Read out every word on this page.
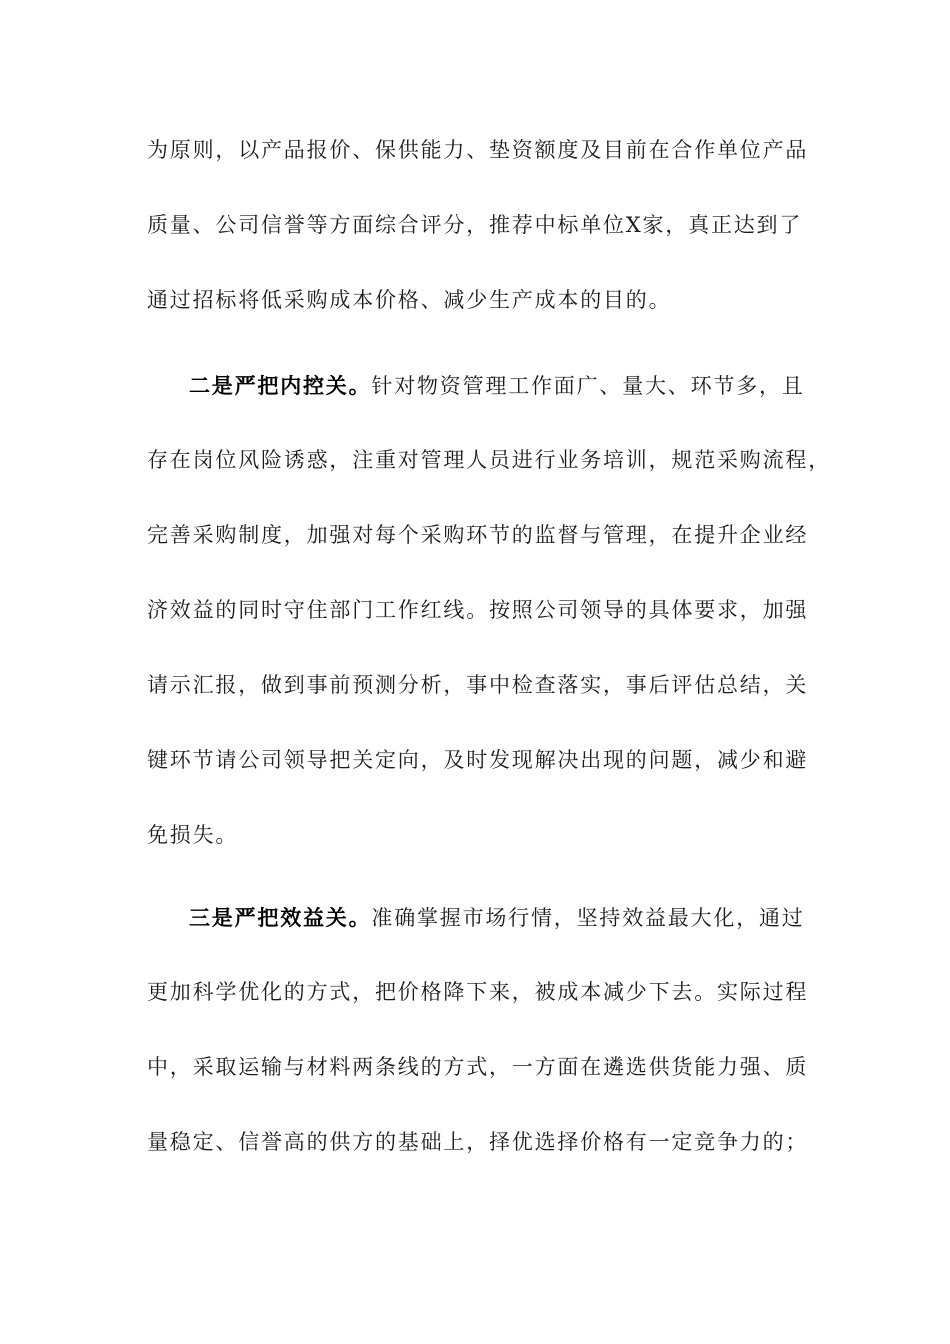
为原则，以产品报价、保供能力、垫资额度及目前在合作单位产品
质量、公司信誉等方面综合评分，推荐中标单位X家，真正达到了
通过招标将低采购成本价格、减少生产成本的目的。
二是严把内控关。针对物资管理工作面广、量大、环节多，且
存在岗位风险诱惑，注重对管理人员进行业务培训，规范采购流程，
完善采购制度，加强对每个采购环节的监督与管理，在提升企业经
济效益的同时守住部门工作红线。按照公司领导的具体要求，加强
请示汇报，做到事前预测分析，事中检查落实，事后评估总结，关
键环节请公司领导把关定向，及时发现解决出现的问题，减少和避
免损失。
三是严把效益关。准确掌握市场行情，坚持效益最大化，通过
更加科学优化的方式，把价格降下来，被成本减少下去。实际过程
中，采取运输与材料两条线的方式，一方面在遴选供货能力强、质
量稳定、信誉高的供方的基础上，择优选择价格有一定竞争力的；
